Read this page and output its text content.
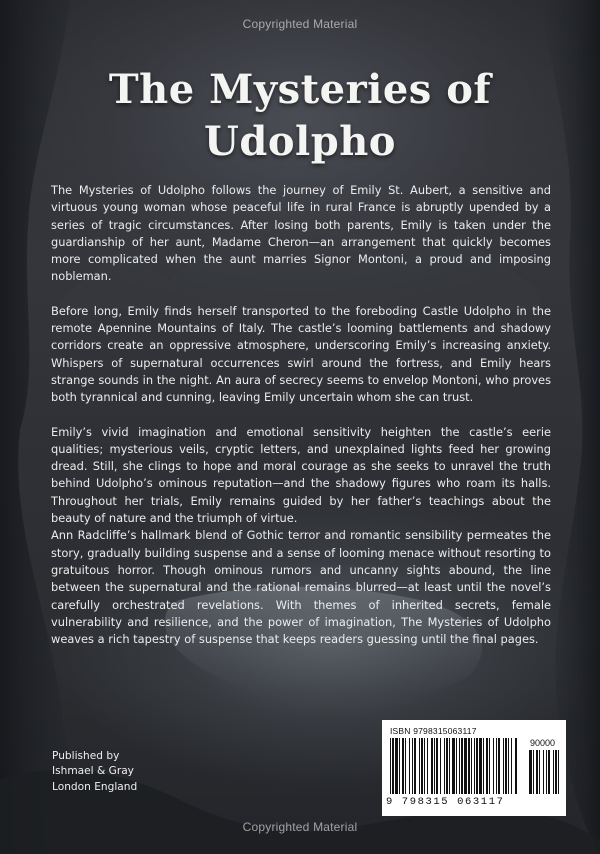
Copyrighted Material
The Mysteries of
Udolpho

The Mysteries of Udolpho follows the journey of Emily St. Aubert, a sensitive and virtuous young woman whose peaceful life in rural France is abruptly upended by a series of tragic circumstances. After losing both parents, Emily is taken under the guardianship of her aunt, Madame Cheron—an arrangement that quickly becomes more complicated when the aunt marries Signor Montoni, a proud and imposing nobleman.

Before long, Emily finds herself transported to the foreboding Castle Udolpho in the remote Apennine Mountains of Italy. The castle’s looming battlements and shadowy corridors create an oppressive atmosphere, underscoring Emily’s increasing anxiety. Whispers of supernatural occurrences swirl around the fortress, and Emily hears strange sounds in the night. An aura of secrecy seems to envelop Montoni, who proves both tyrannical and cunning, leaving Emily uncertain whom she can trust.

Emily’s vivid imagination and emotional sensitivity heighten the castle’s eerie qualities; mysterious veils, cryptic letters, and unexplained lights feed her growing dread. Still, she clings to hope and moral courage as she seeks to unravel the truth behind Udolpho’s ominous reputation—and the shadowy figures who roam its halls. Throughout her trials, Emily remains guided by her father’s teachings about the beauty of nature and the triumph of virtue.

Ann Radcliffe’s hallmark blend of Gothic terror and romantic sensibility permeates the story, gradually building suspense and a sense of looming menace without resorting to gratuitous horror. Though ominous rumors and uncanny sights abound, the line between the supernatural and the rational remains blurred—at least until the novel’s carefully orchestrated revelations. With themes of inherited secrets, female vulnerability and resilience, and the power of imagination, The Mysteries of Udolpho weaves a rich tapestry of suspense that keeps readers guessing until the final pages.

Published by
Ishmael & Gray
London England
ISBN 9798315063117
90000
9 798315 063117
Copyrighted Material
